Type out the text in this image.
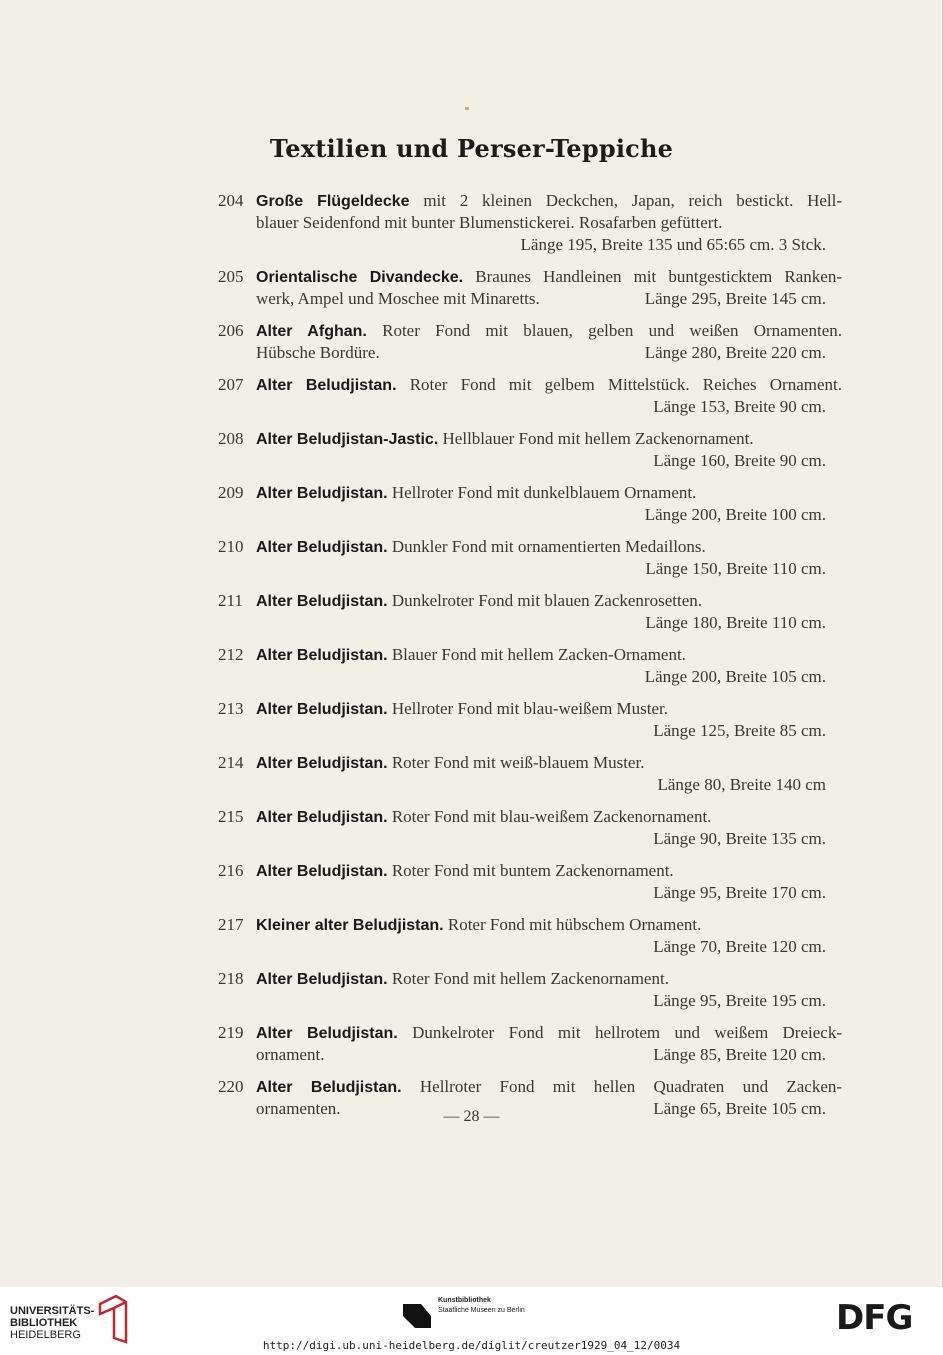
Textilien und Perser-Teppiche
204 Große Flügeldecke mit 2 kleinen Deckchen, Japan, reich bestickt. Hell-
blauer Seidenfond mit bunter Blumenstickerei. Rosafarben gefüttert.
Länge 195, Breite 135 und 65:65 cm. 3 Stck.
205 Orientalische Divandecke. Braunes Handleinen mit buntgesticktem Ranken-
werk, Ampel und Moschee mit Minaretts.	Länge 295, Breite 145 cm.
206 Alter Afghan. Roter Fond mit blauen, gelben und weißen Ornamenten.
Hübsche Bordüre.	Länge 280, Breite 220 cm.
207 Alter Beludjistan. Roter Fond mit gelbem Mittelstück. Reiches Ornament.
Länge 153, Breite 90 cm.
208 Alter Beludjistan-Jastic. Hellblauer Fond mit hellem Zackenornament.
Länge 160, Breite 90 cm.
209 Alter Beludjistan. Hellroter Fond mit dunkelblauem Ornament.
Länge 200, Breite 100 cm.
210 Alter Beludjistan. Dunkler Fond mit ornamentierten Medaillons.
Länge 150, Breite 110 cm.
211 Alter Beludjistan. Dunkelroter Fond mit blauen Zackenrosetten.
Länge 180, Breite 110 cm.
212 Alter Beludjistan. Blauer Fond mit hellem Zacken-Ornament.
Länge 200, Breite 105 cm.
213 Alter Beludjistan. Hellroter Fond mit blau-weißem Muster.
Länge 125, Breite 85 cm.
214 Alter Beludjistan. Roter Fond mit weiß-blauem Muster.
Länge 80, Breite 140 cm
215 Alter Beludjistan. Roter Fond mit blau-weißem Zackenornament.
Länge 90, Breite 135 cm.
216 Alter Beludjistan. Roter Fond mit buntem Zackenornament.
Länge 95, Breite 170 cm.
217 Kleiner alter Beludjistan. Roter Fond mit hübschem Ornament.
Länge 70, Breite 120 cm.
218 Alter Beludjistan. Roter Fond mit hellem Zackenornament.
Länge 95, Breite 195 cm.
219 Alter Beludjistan. Dunkelroter Fond mit hellrotem und weißem Dreieck-
ornament.	Länge 85, Breite 120 cm.
220 Alter Beludjistan. Hellroter Fond mit hellen Quadraten und Zacken-
ornamenten.	Länge 65, Breite 105 cm.
— 28 —
UNIVERSITÄTS-
BIBLIOTHEK
HEIDELBERG
Kunstbibliothek
Staatliche Museen zu Berlin	DFG
http://digi.ub.uni-heidelberg.de/diglit/creutzer1929_04_12/0034
